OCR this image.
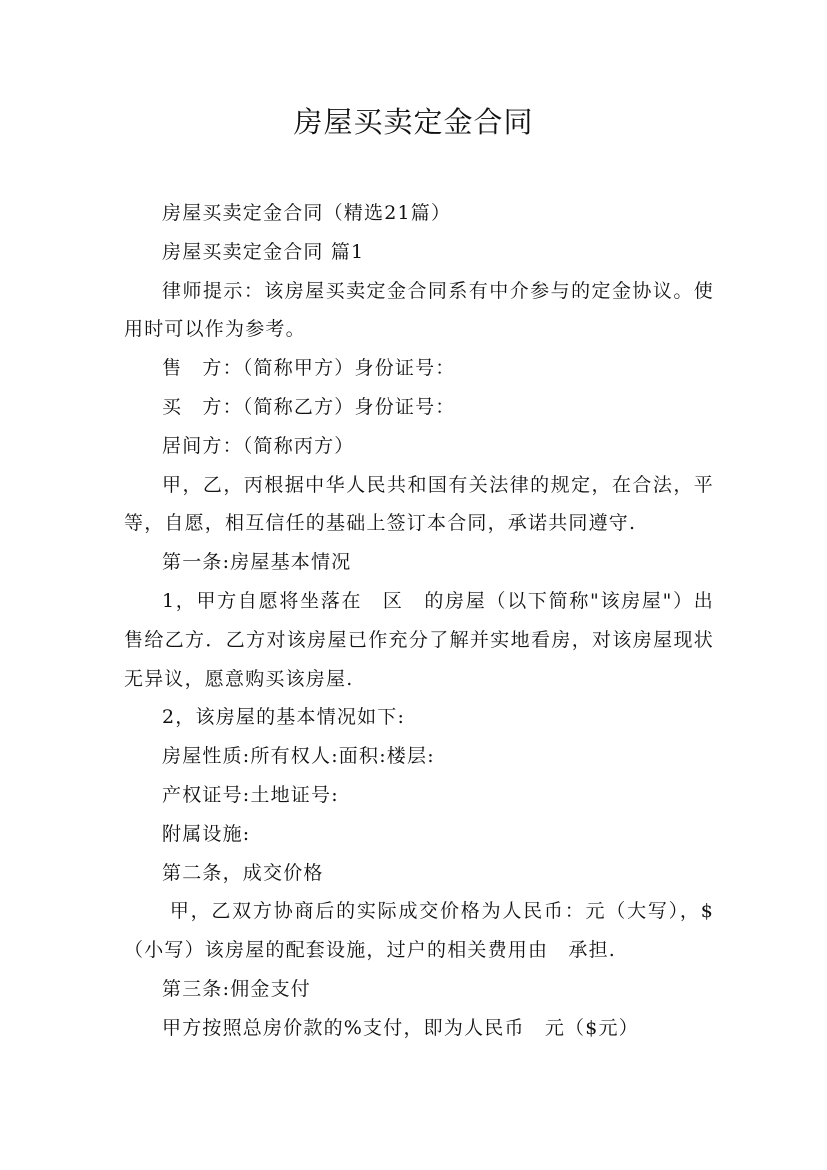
房屋买卖定金合同

房屋买卖定金合同（精选21篇）

房屋买卖定金合同 篇1

律师提示：该房屋买卖定金合同系有中介参与的定金协议。使用时可以作为参考。

售　方：（简称甲方）身份证号：

买　方：（简称乙方）身份证号：

居间方：（简称丙方）

甲，乙，丙根据中华人民共和国有关法律的规定，在合法，平等，自愿，相互信任的基础上签订本合同，承诺共同遵守.

第一条:房屋基本情况

1，甲方自愿将坐落在　区　的房屋（以下简称"该房屋"）出售给乙方．乙方对该房屋已作充分了解并实地看房，对该房屋现状无异议，愿意购买该房屋.

2，该房屋的基本情况如下:

房屋性质:所有权人:面积:楼层:

产权证号:土地证号:

附属设施:

第二条，成交价格

甲，乙双方协商后的实际成交价格为人民币：元（大写），$　（小写）该房屋的配套设施，过户的相关费用由　承担.

第三条:佣金支付

甲方按照总房价款的%支付，即为人民币　元（$元）
